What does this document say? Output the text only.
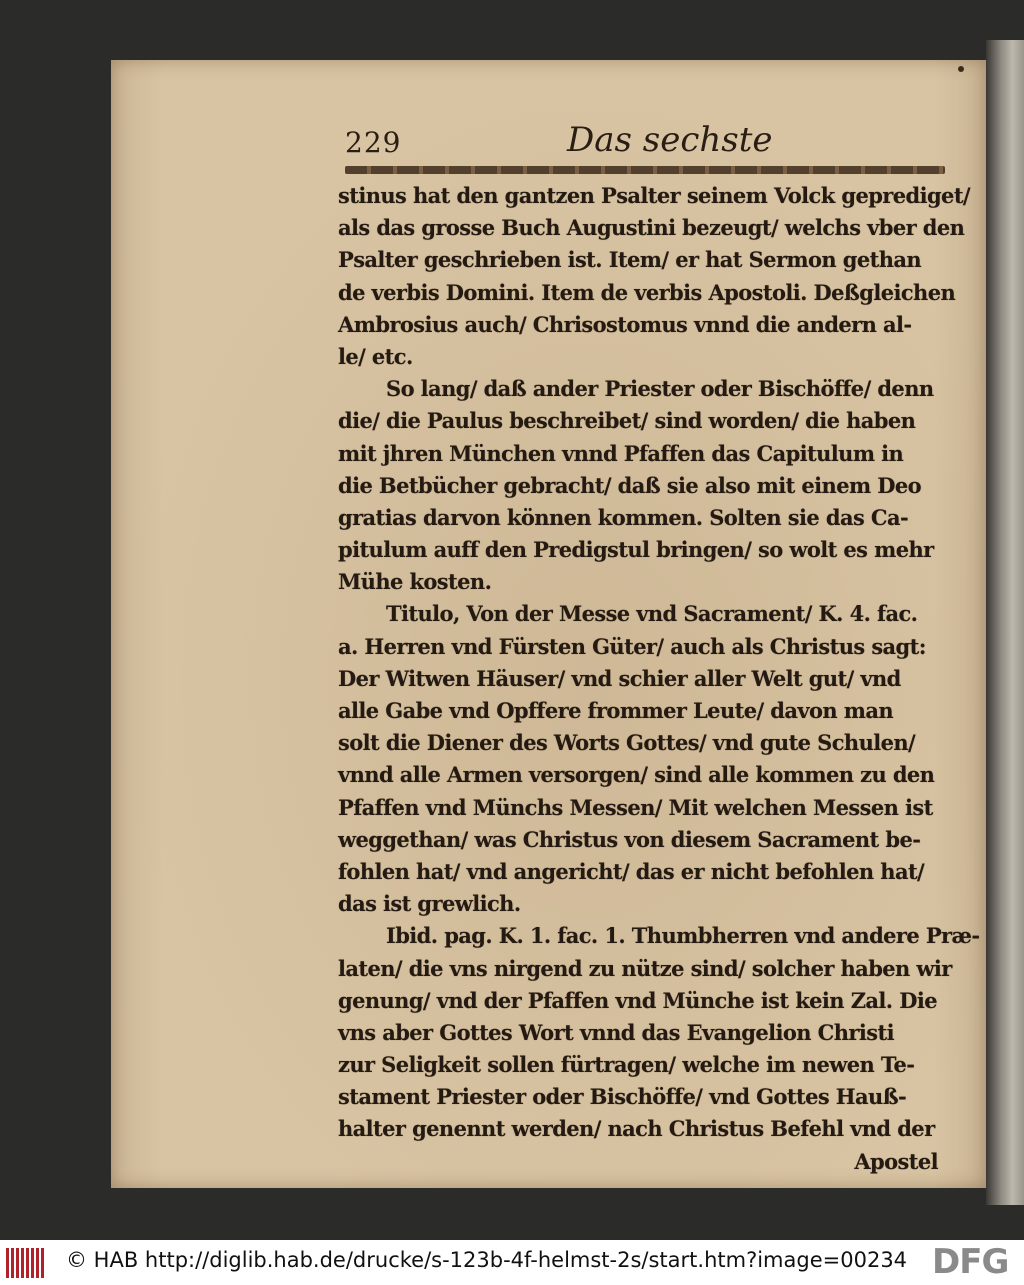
229	Das sechste
stinus hat den gantzen Psalter seinem Volck geprediget/
als das grosse Buch Augustini bezeugt/ welchs vber den
Psalter geschrieben ist. Item/ er hat Sermon gethan
de verbis Domini. Item de verbis Apostoli. Deßgleichen
Ambrosius auch/ Chrisostomus vnnd die andern al-
le/ etc.
So lang/ daß ander Priester oder Bischöffe/ denn
die/ die Paulus beschreibet/ sind worden/ die haben
mit jhren München vnnd Pfaffen das Capitulum in
die Betbücher gebracht/ daß sie also mit einem Deo
gratias darvon können kommen. Solten sie das Ca-
pitulum auff den Predigstul bringen/ so wolt es mehr
Mühe kosten.
Titulo, Von der Messe vnd Sacrament/ K. 4. fac.
a. Herren vnd Fürsten Güter/ auch als Christus sagt:
Der Witwen Häuser/ vnd schier aller Welt gut/ vnd
alle Gabe vnd Opffere frommer Leute/ davon man
solt die Diener des Worts Gottes/ vnd gute Schulen/
vnnd alle Armen versorgen/ sind alle kommen zu den
Pfaffen vnd Münchs Messen/ Mit welchen Messen ist
weggethan/ was Christus von diesem Sacrament be-
fohlen hat/ vnd angericht/ das er nicht befohlen hat/
das ist grewlich.
Ibid. pag. K. 1. fac. 1. Thumbherren vnd andere Præ-
laten/ die vns nirgend zu nütze sind/ solcher haben wir
genung/ vnd der Pfaffen vnd Münche ist kein Zal. Die
vns aber Gottes Wort vnnd das Evangelion Christi
zur Seligkeit sollen fürtragen/ welche im newen Te-
stament Priester oder Bischöffe/ vnd Gottes Hauß-
halter genennt werden/ nach Christus Befehl vnd der
Apostel
© HAB http://diglib.hab.de/drucke/s-123b-4f-helmst-2s/start.htm?image=00234 DFG
